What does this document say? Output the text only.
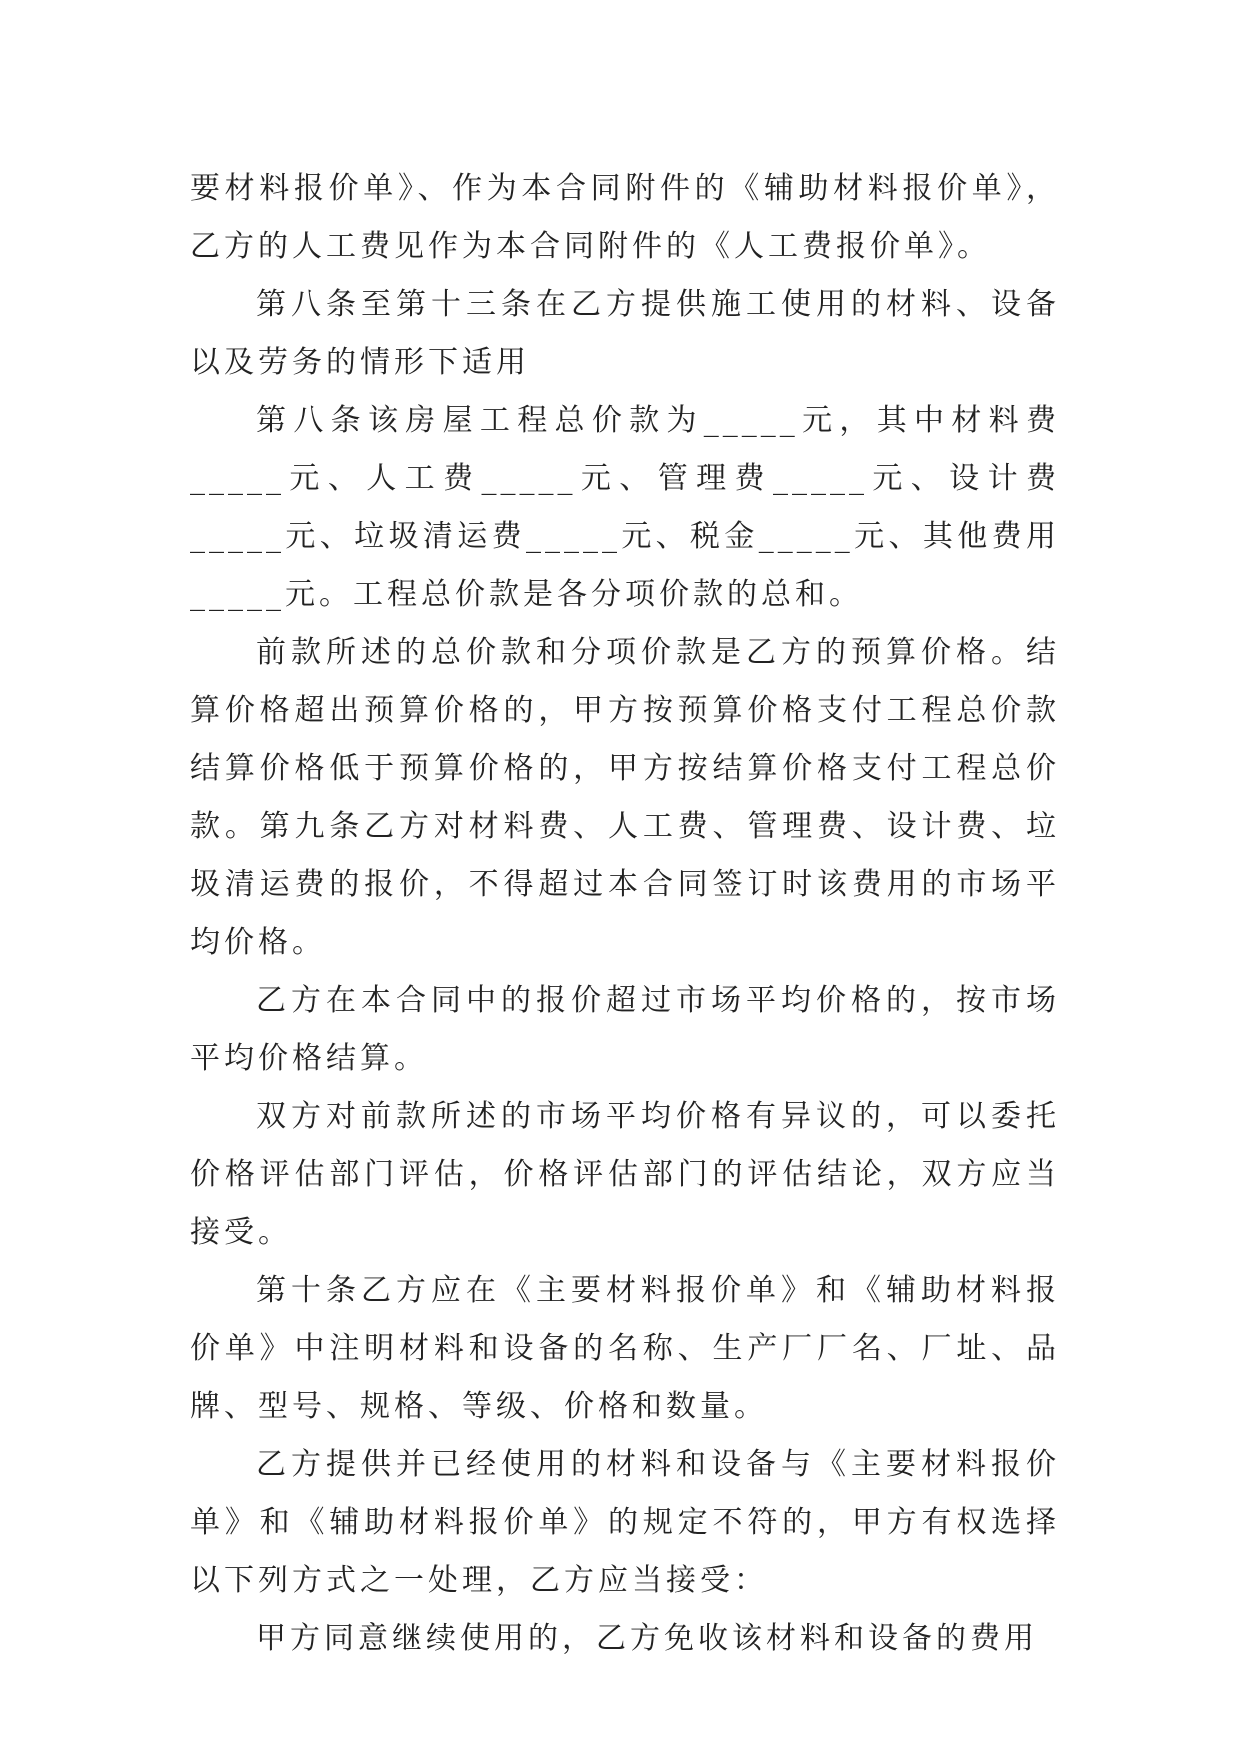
要材料报价单》、作为本合同附件的《辅助材料报价单》，乙方的人工费见作为本合同附件的《人工费报价单》。

第八条至第十三条在乙方提供施工使用的材料、设备以及劳务的情形下适用

第八条该房屋工程总价款为_____元，其中材料费_____元、人工费_____元、管理费_____元、设计费_____元、垃圾清运费_____元、税金_____元、其他费用_____元。工程总价款是各分项价款的总和。

前款所述的总价款和分项价款是乙方的预算价格。结算价格超出预算价格的，甲方按预算价格支付工程总价款结算价格低于预算价格的，甲方按结算价格支付工程总价款。第九条乙方对材料费、人工费、管理费、设计费、垃圾清运费的报价，不得超过本合同签订时该费用的市场平均价格。

乙方在本合同中的报价超过市场平均价格的，按市场平均价格结算。

双方对前款所述的市场平均价格有异议的，可以委托价格评估部门评估，价格评估部门的评估结论，双方应当接受。

第十条乙方应在《主要材料报价单》和《辅助材料报价单》中注明材料和设备的名称、生产厂厂名、厂址、品牌、型号、规格、等级、价格和数量。

乙方提供并已经使用的材料和设备与《主要材料报价单》和《辅助材料报价单》的规定不符的，甲方有权选择以下列方式之一处理，乙方应当接受：

甲方同意继续使用的，乙方免收该材料和设备的费用
